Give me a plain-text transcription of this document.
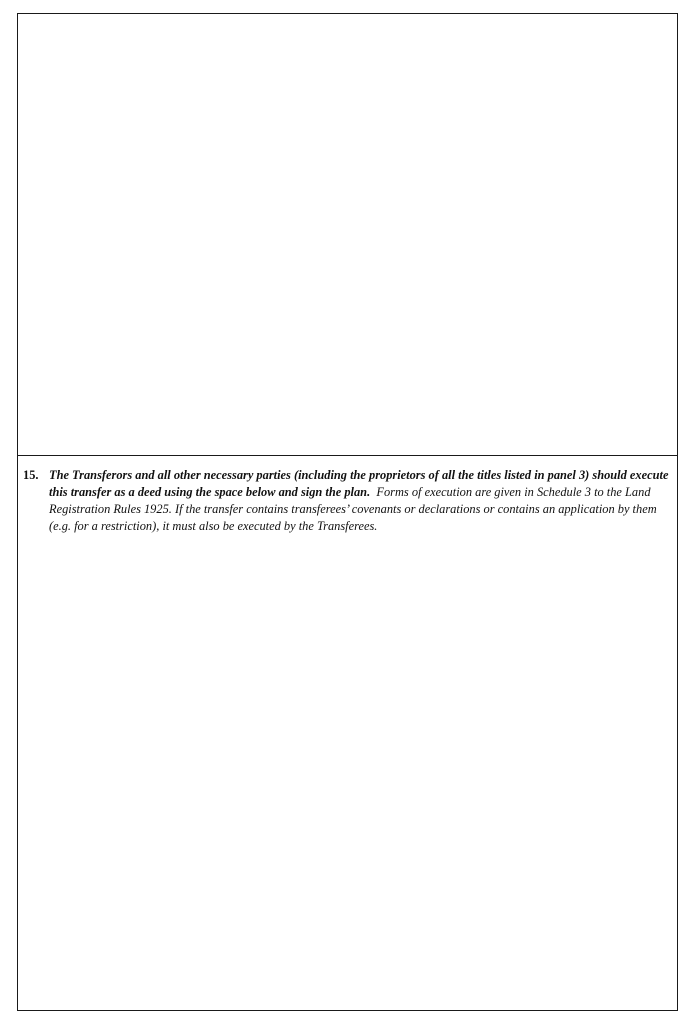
15. The Transferors and all other necessary parties (including the proprietors of all the titles listed in panel 3) should execute this transfer as a deed using the space below and sign the plan. Forms of execution are given in Schedule 3 to the Land Registration Rules 1925. If the transfer contains transferees’ covenants or declarations or contains an application by them (e.g. for a restriction), it must also be executed by the Transferees.
